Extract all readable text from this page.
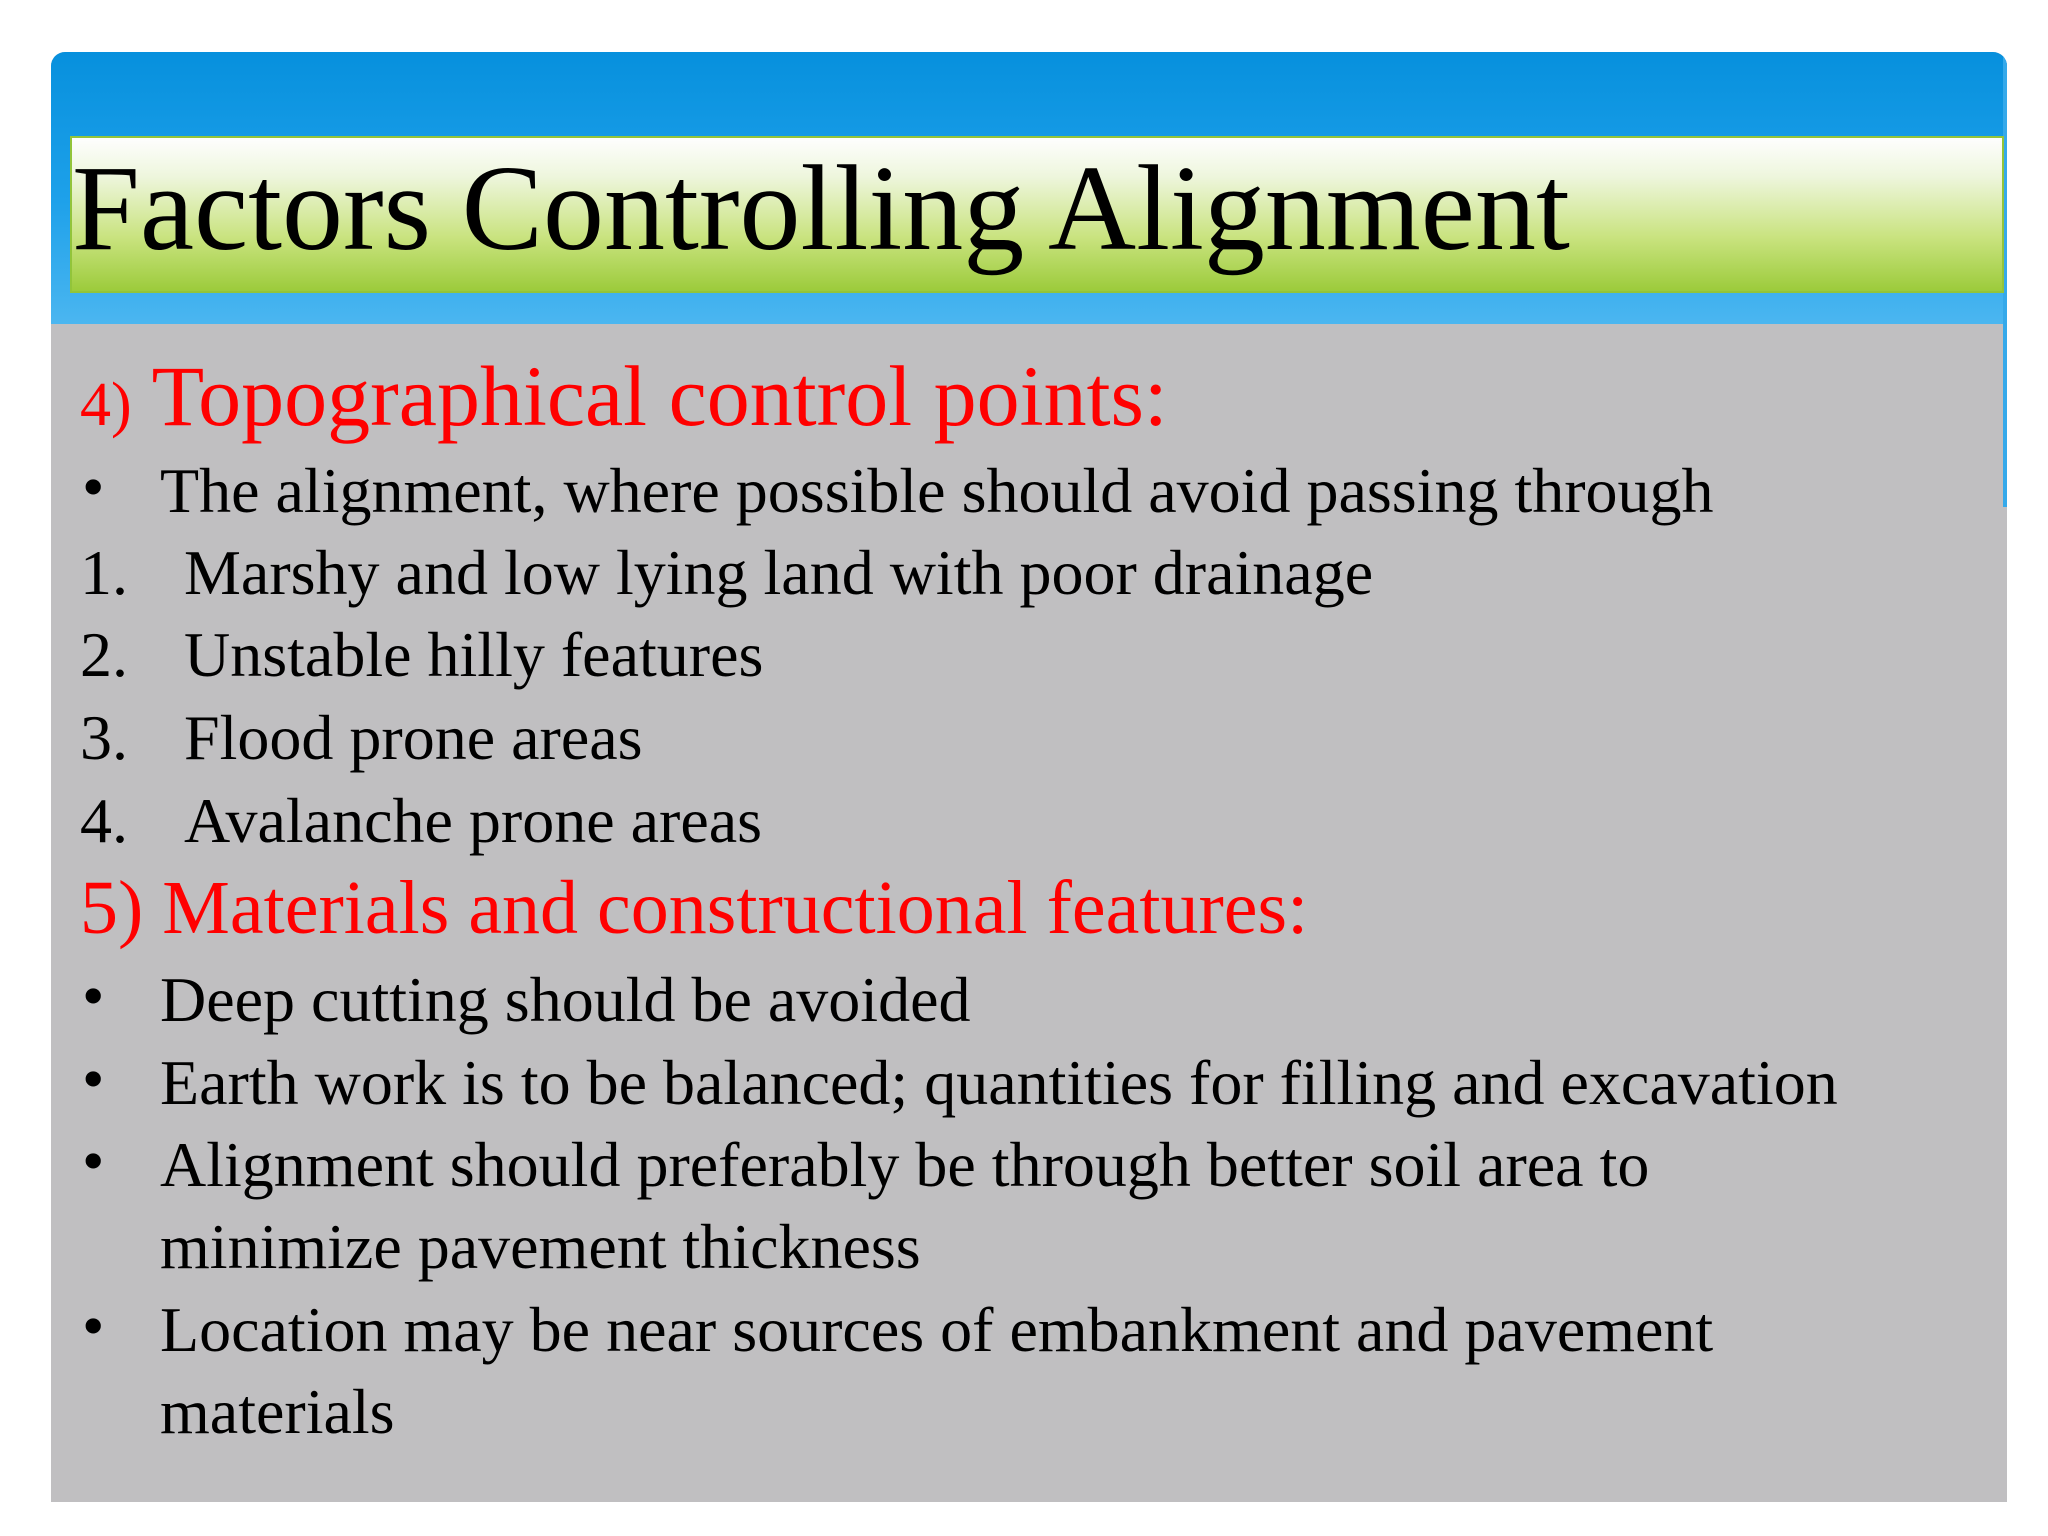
Factors Controlling Alignment
4) Topographical control points:
• The alignment, where possible should avoid passing through
1. Marshy and low lying land with poor drainage
2. Unstable hilly features
3. Flood prone areas
4. Avalanche prone areas
5) Materials and constructional features:
• Deep cutting should be avoided
• Earth work is to be balanced; quantities for filling and excavation
• Alignment should preferably be through better soil area to
minimize pavement thickness
• Location may be near sources of embankment and pavement
materials
